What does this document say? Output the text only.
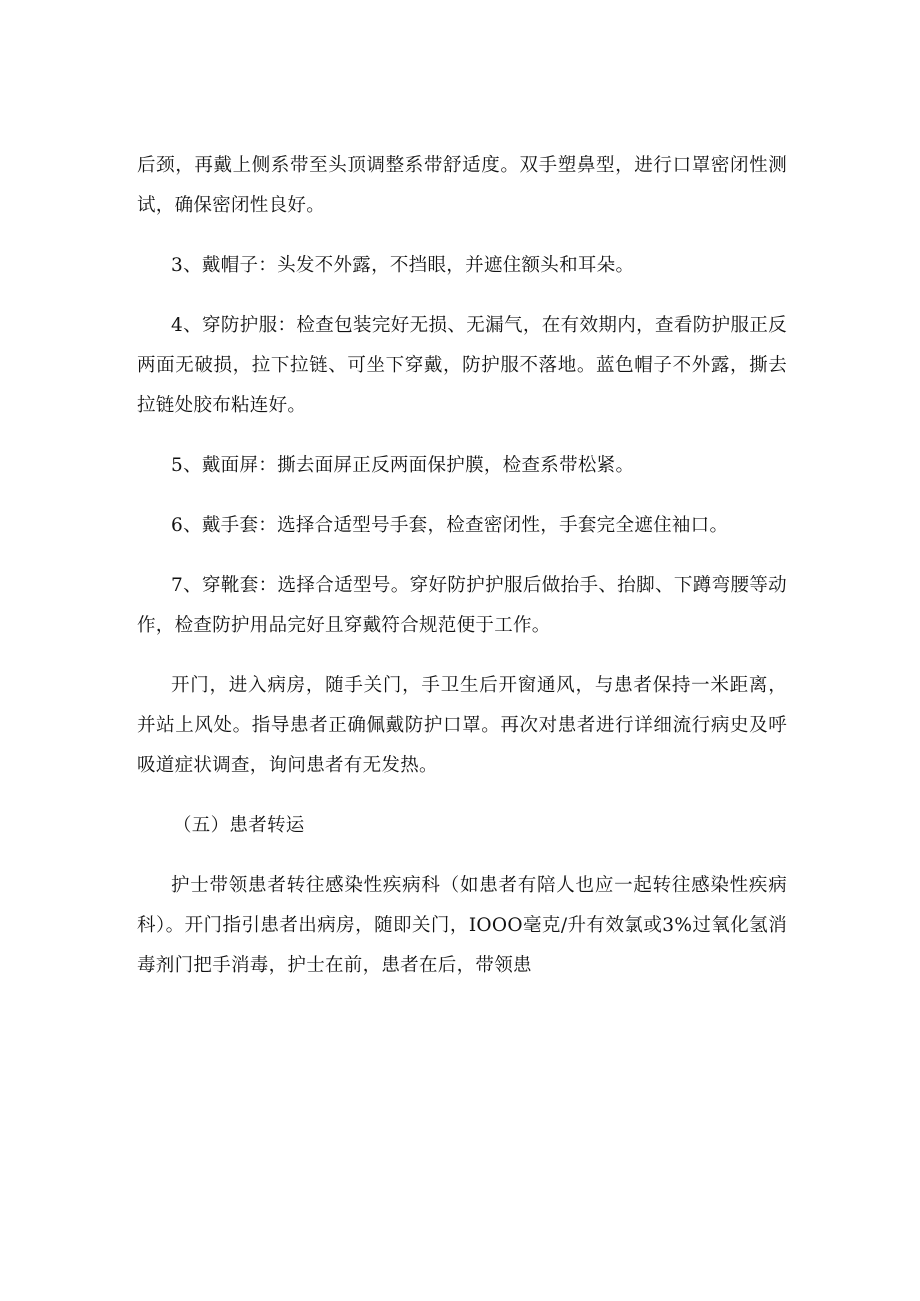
后颈，再戴上侧系带至头顶调整系带舒适度。双手塑鼻型，进行口罩密闭性测试，确保密闭性良好。

3、戴帽子：头发不外露，不挡眼，并遮住额头和耳朵。

4、穿防护服：检查包装完好无损、无漏气，在有效期内，查看防护服正反两面无破损，拉下拉链、可坐下穿戴，防护服不落地。蓝色帽子不外露，撕去拉链处胶布粘连好。

5、戴面屏：撕去面屏正反两面保护膜，检查系带松紧。

6、戴手套：选择合适型号手套，检查密闭性，手套完全遮住袖口。

7、穿靴套：选择合适型号。穿好防护护服后做抬手、抬脚、下蹲弯腰等动作，检查防护用品完好且穿戴符合规范便于工作。

开门，进入病房，随手关门，手卫生后开窗通风，与患者保持一米距离，并站上风处。指导患者正确佩戴防护口罩。再次对患者进行详细流行病史及呼吸道症状调查，询问患者有无发热。

（五）患者转运

护士带领患者转往感染性疾病科（如患者有陪人也应一起转往感染性疾病科）。开门指引患者出病房，随即关门，IOOO毫克/升有效氯或3%过氧化氢消毒剂门把手消毒，护士在前，患者在后，带领患
